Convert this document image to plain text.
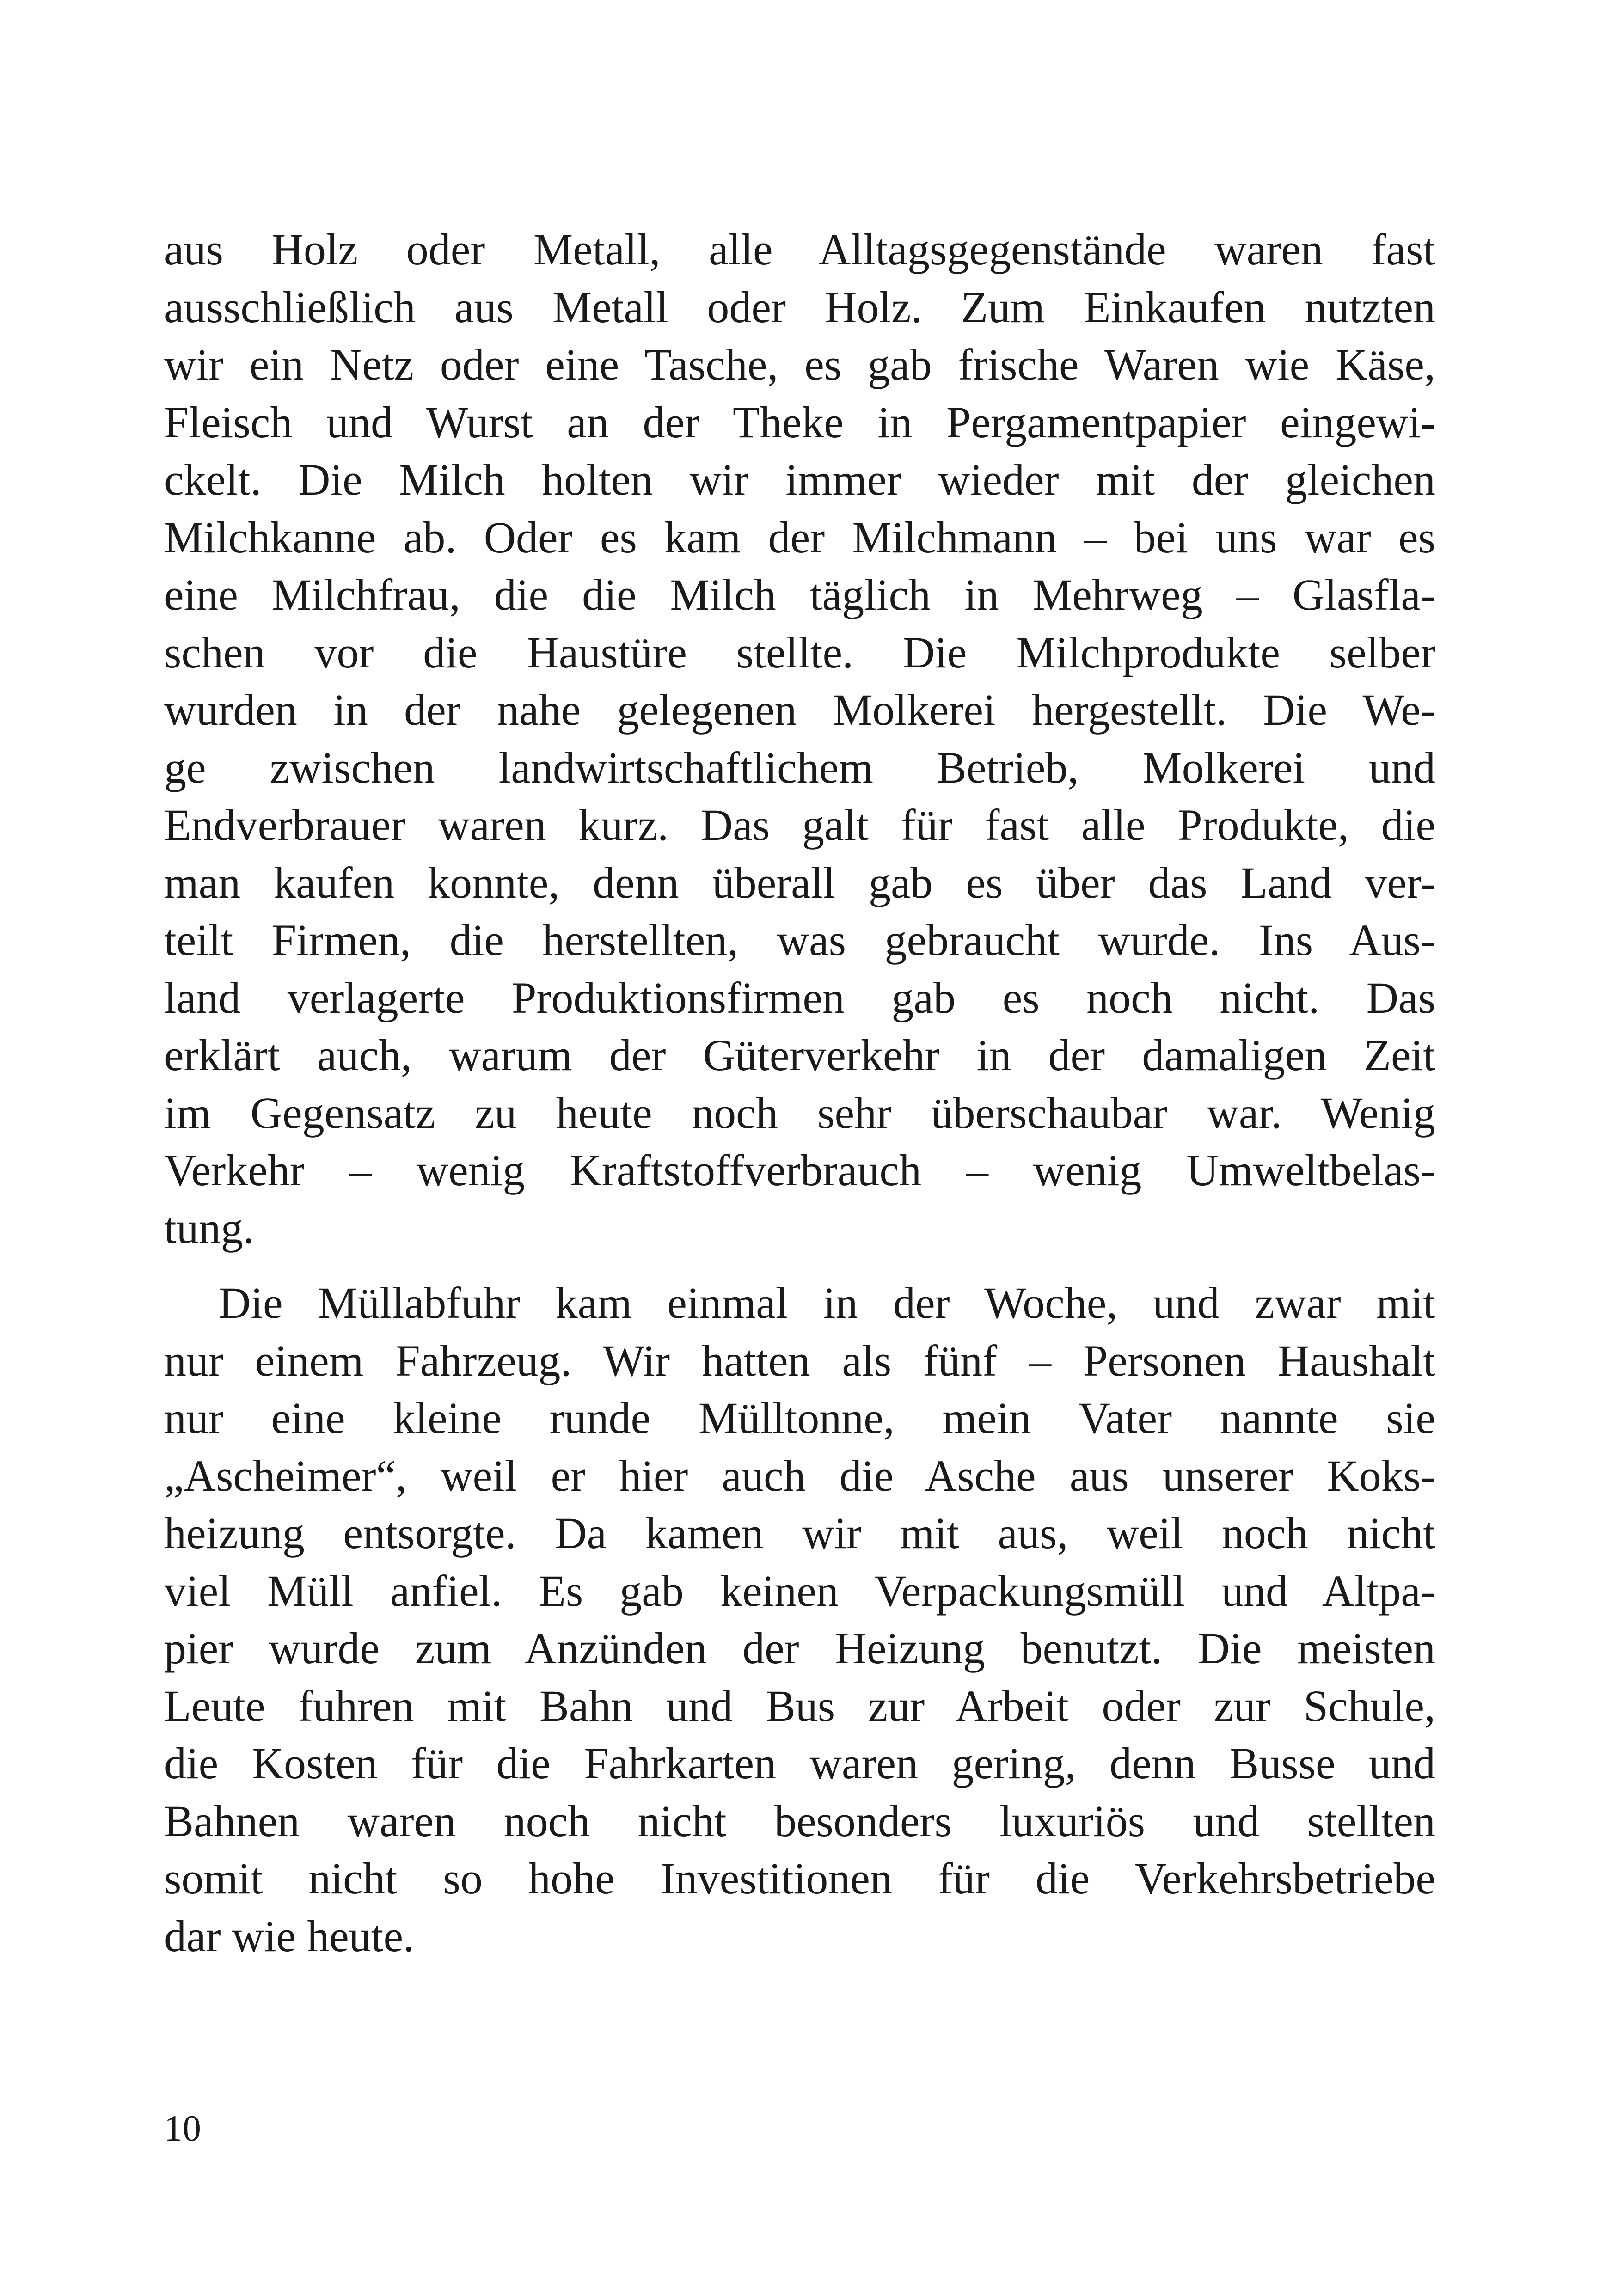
aus Holz oder Metall, alle Alltagsgegenstände waren fast
ausschließlich aus Metall oder Holz. Zum Einkaufen nutzten
wir ein Netz oder eine Tasche, es gab frische Waren wie Käse,
Fleisch und Wurst an der Theke in Pergamentpapier eingewi-
ckelt. Die Milch holten wir immer wieder mit der gleichen
Milchkanne ab. Oder es kam der Milchmann – bei uns war es
eine Milchfrau, die die Milch täglich in Mehrweg – Glasfla-
schen vor die Haustüre stellte. Die Milchprodukte selber
wurden in der nahe gelegenen Molkerei hergestellt. Die We-
ge zwischen landwirtschaftlichem Betrieb, Molkerei und
Endverbrauer waren kurz. Das galt für fast alle Produkte, die
man kaufen konnte, denn überall gab es über das Land ver-
teilt Firmen, die herstellten, was gebraucht wurde. Ins Aus-
land verlagerte Produktionsfirmen gab es noch nicht. Das
erklärt auch, warum der Güterverkehr in der damaligen Zeit
im Gegensatz zu heute noch sehr überschaubar war. Wenig
Verkehr – wenig Kraftstoffverbrauch – wenig Umweltbelas-
tung.
Die Müllabfuhr kam einmal in der Woche, und zwar mit
nur einem Fahrzeug. Wir hatten als fünf – Personen Haushalt
nur eine kleine runde Mülltonne, mein Vater nannte sie
„Ascheimer“, weil er hier auch die Asche aus unserer Koks-
heizung entsorgte. Da kamen wir mit aus, weil noch nicht
viel Müll anfiel. Es gab keinen Verpackungsmüll und Altpa-
pier wurde zum Anzünden der Heizung benutzt. Die meisten
Leute fuhren mit Bahn und Bus zur Arbeit oder zur Schule,
die Kosten für die Fahrkarten waren gering, denn Busse und
Bahnen waren noch nicht besonders luxuriös und stellten
somit nicht so hohe Investitionen für die Verkehrsbetriebe
dar wie heute.
10
